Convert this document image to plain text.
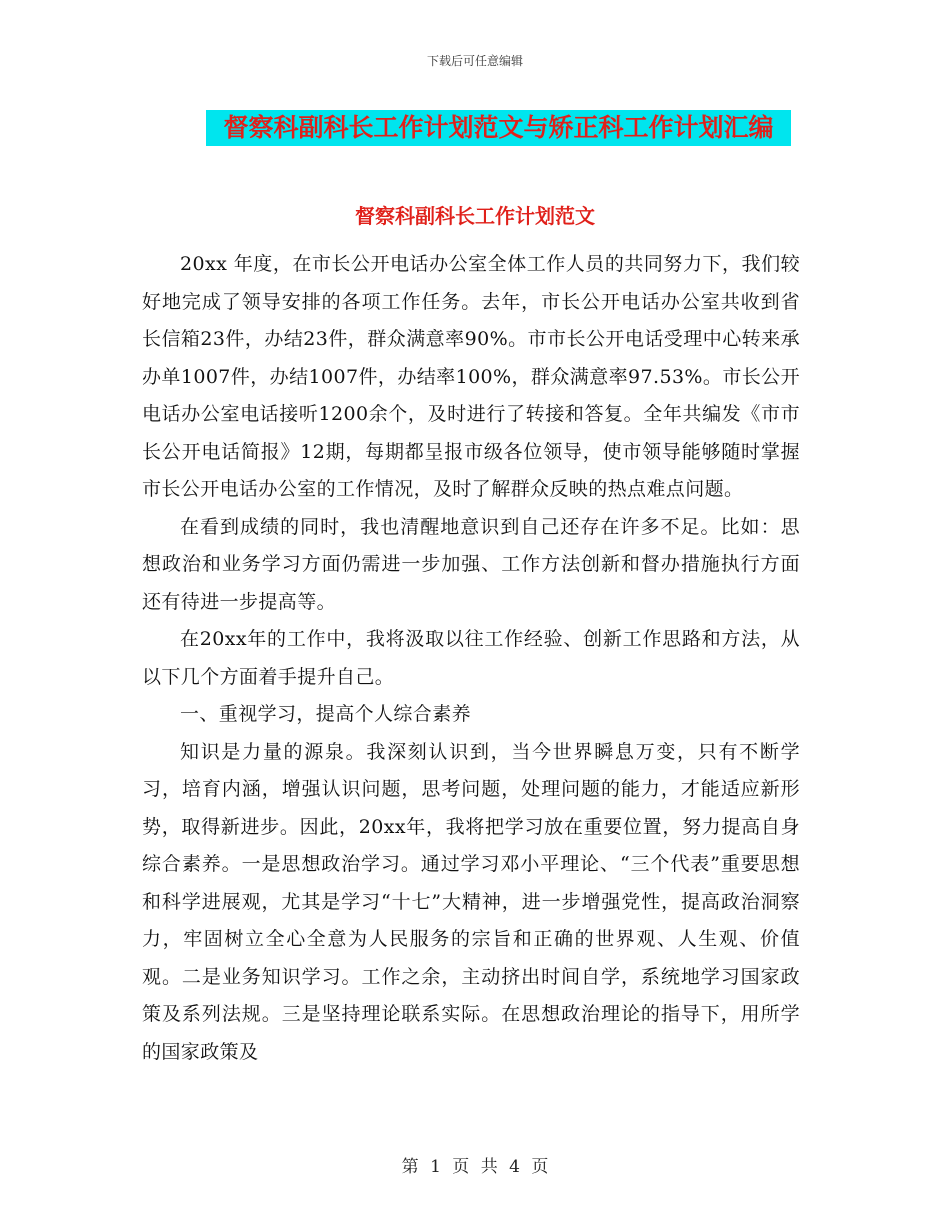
下载后可任意编辑
督察科副科长工作计划范文与矫正科工作计划汇编
督察科副科长工作计划范文

20xx 年度，在市长公开电话办公室全体工作人员的共同努力下，我们较好地完成了领导安排的各项工作任务。去年，市长公开电话办公室共收到省长信箱23件，办结23件，群众满意率90%。市市长公开电话受理中心转来承办单1007件，办结1007件，办结率100%，群众满意率97.53%。市长公开电话办公室电话接听1200余个，及时进行了转接和答复。全年共编发《市市长公开电话简报》12期，每期都呈报市级各位领导，使市领导能够随时掌握市长公开电话办公室的工作情况，及时了解群众反映的热点难点问题。

在看到成绩的同时，我也清醒地意识到自己还存在许多不足。比如：思想政治和业务学习方面仍需进一步加强、工作方法创新和督办措施执行方面还有待进一步提高等。

在20xx年的工作中，我将汲取以往工作经验、创新工作思路和方法，从以下几个方面着手提升自己。

一、重视学习，提高个人综合素养

知识是力量的源泉。我深刻认识到，当今世界瞬息万变，只有不断学习，培育内涵，增强认识问题，思考问题，处理问题的能力，才能适应新形势，取得新进步。因此，20xx年，我将把学习放在重要位置，努力提高自身综合素养。一是思想政治学习。通过学习邓小平理论、“三个代表”重要思想和科学进展观，尤其是学习“十七”大精神，进一步增强党性，提高政治洞察力，牢固树立全心全意为人民服务的宗旨和正确的世界观、人生观、价值观。二是业务知识学习。工作之余，主动挤出时间自学，系统地学习国家政策及系列法规。三是坚持理论联系实际。在思想政治理论的指导下，用所学的国家政策及

第 1 页 共 4 页
